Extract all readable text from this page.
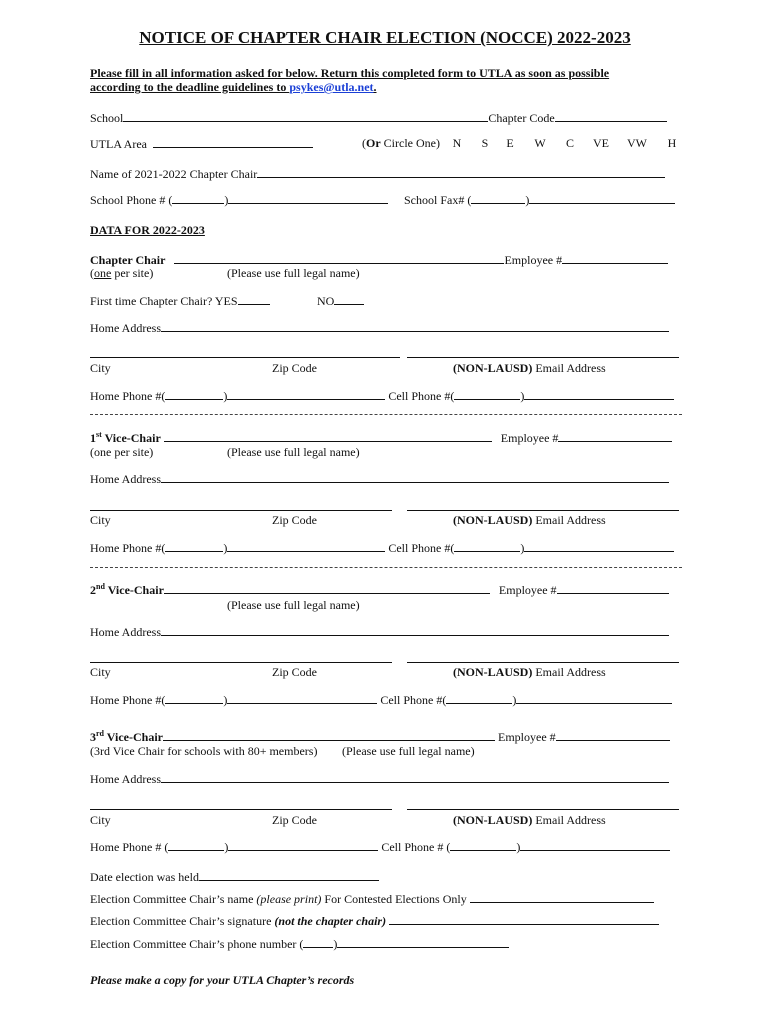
NOTICE OF CHAPTER CHAIR ELECTION (NOCCE) 2022-2023
Please fill in all information asked for below. Return this completed form to UTLA as soon as possible
according to the deadline guidelines to psykes@utla.net.
School	Chapter Code
UTLA Area	(Or Circle One) N S	E W C VE VW H
Name of 2021-2022 Chapter Chair
School Phone # (	)	School Fax# (	)
DATA FOR 2022-2023
Chapter Chair	Employee #
(one per site)	(Please use full legal name)
First time Chapter Chair? YES	NO
Home Address
City	Zip Code	(NON-LAUSD) Email Address
Home Phone #(	)	Cell Phone #(	)
1st Vice-Chair	Employee #
(one per site)	(Please use full legal name)
Home Address
City	Zip Code	(NON-LAUSD) Email Address
Home Phone #(	)	Cell Phone #(	)
2nd Vice-Chair	Employee #
(Please use full legal name)
Home Address
City	Zip Code	(NON-LAUSD) Email Address
Home Phone #(	)	Cell Phone #(	)
3rd Vice-Chair	Employee #
(3rd Vice Chair for schools with 80+ members) (Please use full legal name)
Home Address
City	Zip Code	(NON-LAUSD) Email Address
Home Phone # (	)	Cell Phone # (	)
Date election was held
Election Committee Chair’s name (please print) For Contested Elections Only
Election Committee Chair’s signature (not the chapter chair)
Election Committee Chair’s phone number (	)
Please make a copy for your UTLA Chapter’s records
